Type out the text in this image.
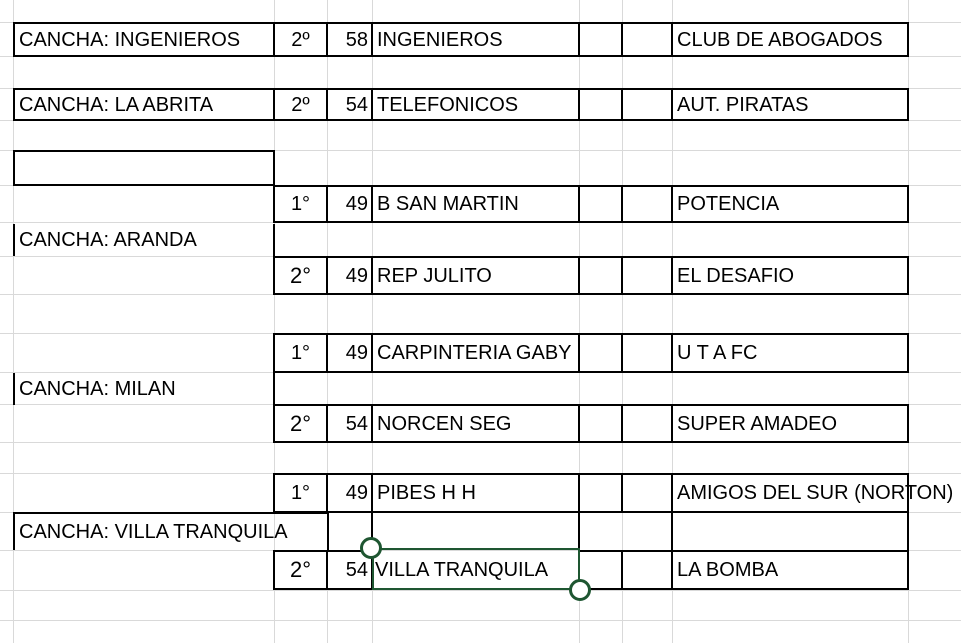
CANCHA: INGENIEROS	2º	58 INGENIEROS	CLUB DE ABOGADOS
CANCHA: LA ABRITA	2º	54 TELEFONICOS	AUT. PIRATAS
1°	49 B SAN MARTIN	POTENCIA
CANCHA: ARANDA
2°	49 REP JULITO	EL DESAFIO
1°	49 CARPINTERIA GABY	U T A FC
CANCHA: MILAN
2°	54 NORCEN SEG	SUPER AMADEO
1°	49 PIBES H H	AMIGOS DEL SUR (NORTON)
CANCHA: VILLA TRANQUILA
2°	54 VILLA TRANQUILA	LA BOMBA
